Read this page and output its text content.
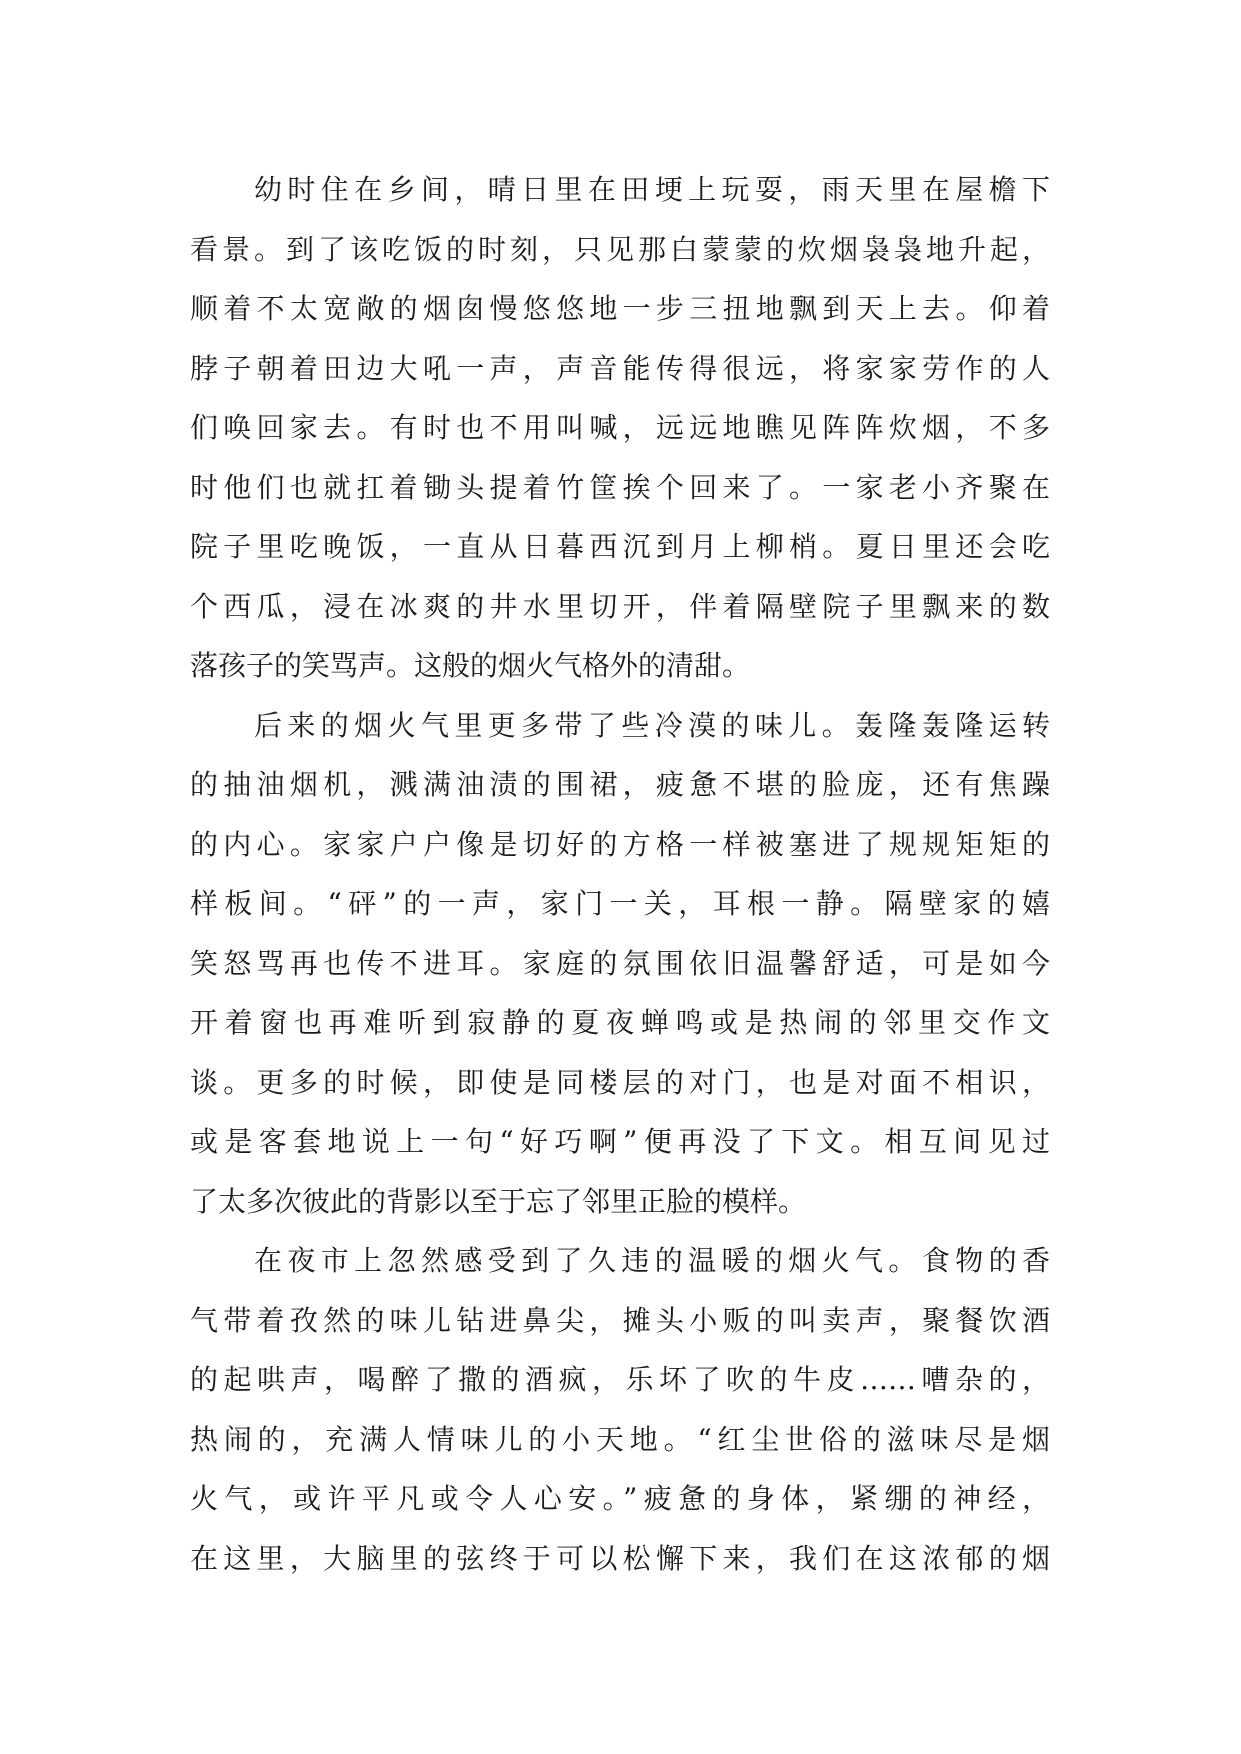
幼时住在乡间，晴日里在田埂上玩耍，雨天里在屋檐下
看景。到了该吃饭的时刻，只见那白蒙蒙的炊烟袅袅地升起，
顺着不太宽敞的烟囱慢悠悠地一步三扭地飘到天上去。仰着
脖子朝着田边大吼一声，声音能传得很远，将家家劳作的人
们唤回家去。有时也不用叫喊，远远地瞧见阵阵炊烟，不多
时他们也就扛着锄头提着竹筐挨个回来了。一家老小齐聚在
院子里吃晚饭，一直从日暮西沉到月上柳梢。夏日里还会吃
个西瓜，浸在冰爽的井水里切开，伴着隔壁院子里飘来的数
落孩子的笑骂声。这般的烟火气格外的清甜。
后来的烟火气里更多带了些冷漠的味儿。轰隆轰隆运转
的抽油烟机，溅满油渍的围裙，疲惫不堪的脸庞，还有焦躁
的内心。家家户户像是切好的方格一样被塞进了规规矩矩的
样板间。“砰”的一声，家门一关，耳根一静。隔壁家的嬉
笑怒骂再也传不进耳。家庭的氛围依旧温馨舒适，可是如今
开着窗也再难听到寂静的夏夜蝉鸣或是热闹的邻里交作文
谈。更多的时候，即使是同楼层的对门，也是对面不相识，
或是客套地说上一句“好巧啊”便再没了下文。相互间见过
了太多次彼此的背影以至于忘了邻里正脸的模样。
在夜市上忽然感受到了久违的温暖的烟火气。食物的香
气带着孜然的味儿钻进鼻尖，摊头小贩的叫卖声，聚餐饮酒
的起哄声，喝醉了撒的酒疯，乐坏了吹的牛皮……嘈杂的，
热闹的，充满人情味儿的小天地。“红尘世俗的滋味尽是烟
火气，或许平凡或令人心安。”疲惫的身体，紧绷的神经，
在这里，大脑里的弦终于可以松懈下来，我们在这浓郁的烟
